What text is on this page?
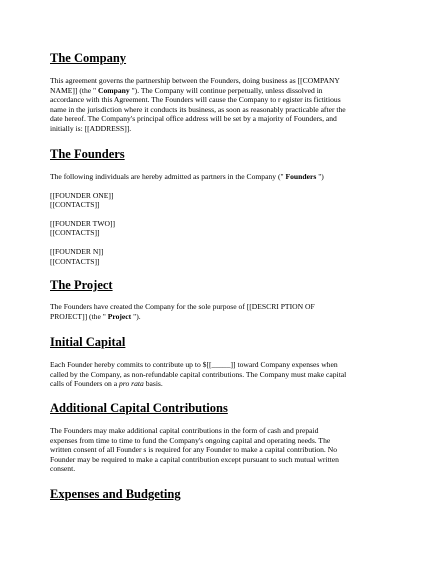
The Company

This agreement governs the partnership between the Founders, doing business as [[COMPANY
NAME]] (the " Company "). The Company will continue perpetually, unless dissolved in
accordance with this Agreement. The Founders will cause the Company to r egister its fictitious
name in the jurisdiction where it conducts its business, as soon as reasonably practicable after the
date hereof. The Company's principal office address will be set by a majority of Founders, and
initially is: [[ADDRESS]].

The Founders

The following individuals are hereby admitted as partners in the Company (" Founders ")

[[FOUNDER ONE]]
[[CONTACTS]]
[[FOUNDER TWO]]
[[CONTACTS]]
[[FOUNDER N]]
[[CONTACTS]]
The Project

The Founders have created the Company for the sole purpose of [[DESCRI PTION OF
PROJECT]] (the " Project ").

Initial Capital

Each Founder hereby commits to contribute up to $[[_____]] toward Company expenses when
called by the Company, as non-refundable capital contributions. The Company must make capital
calls of Founders on a pro rata basis.

Additional Capital Contributions

The Founders may make additional capital contributions in the form of cash and prepaid
expenses from time to time to fund the Company's ongoing capital and operating needs. The
written consent of all Founder s is required for any Founder to make a capital contribution. No
Founder may be required to make a capital contribution except pursuant to such mutual written
consent.

Expenses and Budgeting
